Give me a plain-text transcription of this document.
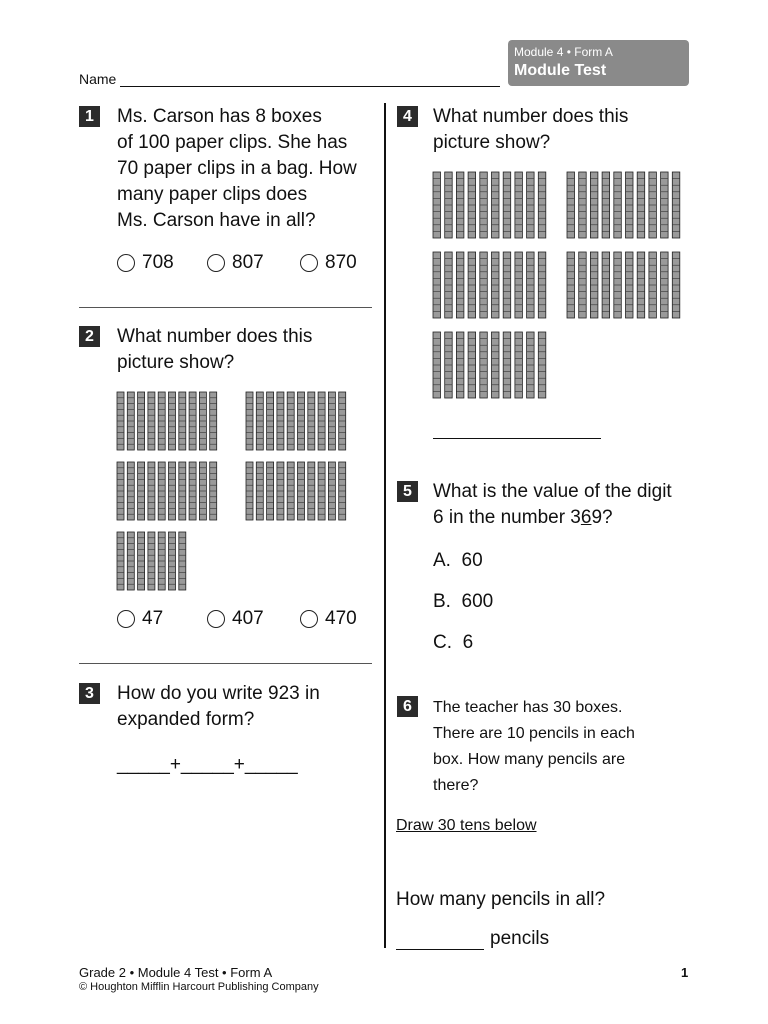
Module 4 • Form A
Module Test
Name
1	Ms. Carson has 8 boxes
of 100 paper clips. She has
70 paper clips in a bag. How
many paper clips does
Ms. Carson have in all?
708	807	870
2	What number does this
picture show?
47	407	470
3	How do you write 923 in
expanded form?
_____+_____+_____
4	What number does this
picture show?
5	What is the value of the digit
6 in the number 369?
A. 60
B. 600
C. 6
6	The teacher has 30 boxes.
There are 10 pencils in each
box. How many pencils are
there?
Draw 30 tens below
How many pencils in all?
pencils
Grade 2 • Module 4 Test • Form A
© Houghton Mifflin Harcourt Publishing Company
1
